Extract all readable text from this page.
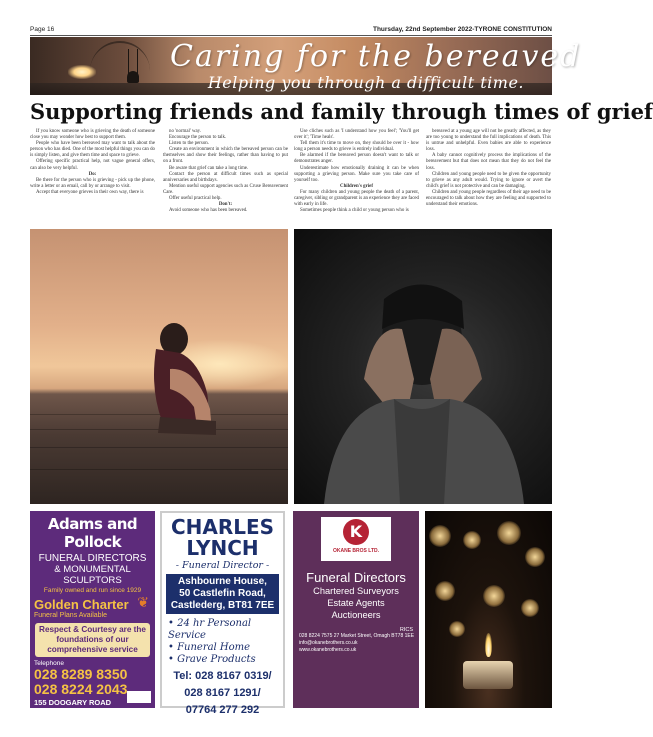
Page 16	Thursday, 22nd September 2022-TYRONE CONSTITUTION
Caring for the bereaved
Helping you through a difficult time.
Supporting friends and family through times of grief

If you know someone who is grieving the death of someone close you may wonder how best to support them.

People who have been bereaved may want to talk about the person who has died. One of the most helpful things you can do is simply listen, and give them time and space to grieve.

Offering specific practical help, not vague general offers, can also be very helpful.

Do:

Be there for the person who is grieving - pick up the phone, write a letter or an email, call by or arrange to visit.

Accept that everyone grieves in their own way, there is

no 'normal' way.

Encourage the person to talk.

Listen to the person.

Create an environment in which the bereaved person can be themselves and show their feelings, rather than having to put on a front.

Be aware that grief can take a long time.

Contact the person at difficult times such as special anniversaries and birthdays.

Mention useful support agencies such as Cruse Bereavement Care.

Offer useful practical help.

Don't:

Avoid someone who has been bereaved.

Use cliches such as 'I understand how you feel'; 'You'll get over it'; 'Time heals'.

Tell them it's time to move on, they should be over it - how long a person needs to grieve is entirely individual.

Be alarmed if the bereaved person doesn't want to talk or demonstrates anger.

Underestimate how emotionally draining it can be when supporting a grieving person. Make sure you take care of yourself too.

Children's grief

For many children and young people the death of a parent, caregiver, sibling or grandparent is an experience they are faced with early in life.

Sometimes people think a child or young person who is

bereaved at a young age will not be greatly affected, as they are too young to understand the full implications of death. This is untrue and unhelpful. Even babies are able to experience loss.

A baby cannot cognitively process the implications of the bereavement but that does not mean that they do not feel the loss.

Children and young people need to be given the opportunity to grieve as any adult would. Trying to ignore or avert the child's grief is not protective and can be damaging.

Children and young people regardless of their age need to be encouraged to talk about how they are feeling and supported to understand their emotions.

Adams and Pollock
FUNERAL DIRECTORS
& MONUMENTAL SCULPTORS
Family owned and run since 1929
Golden Charter
Funeral Plans Available
❦
Respect & Courtesy are the foundations of our comprehensive service
Telephone
028 8289 8350
028 8224 2043
155 DOOGARY ROAD
OMAGH BT79 0HF
CHARLES
LYNCH
- Funeral Director -
Ashbourne House,
50 Castlefin Road,
Castlederg, BT81 7EE
• 24 hr Personal Service
• Funeral Home
• Grave Products
Tel: 028 8167 0319/
028 8167 1291/
07764 277 292
K
OKANE BROS LTD.
Funeral Directors
Chartered Surveyors
Estate Agents
Auctioneers
RICS
028 8224 7575 27 Market Street, Omagh BT78 1EE
info@okanebrothers.co.uk
www.okanebrothers.co.uk
